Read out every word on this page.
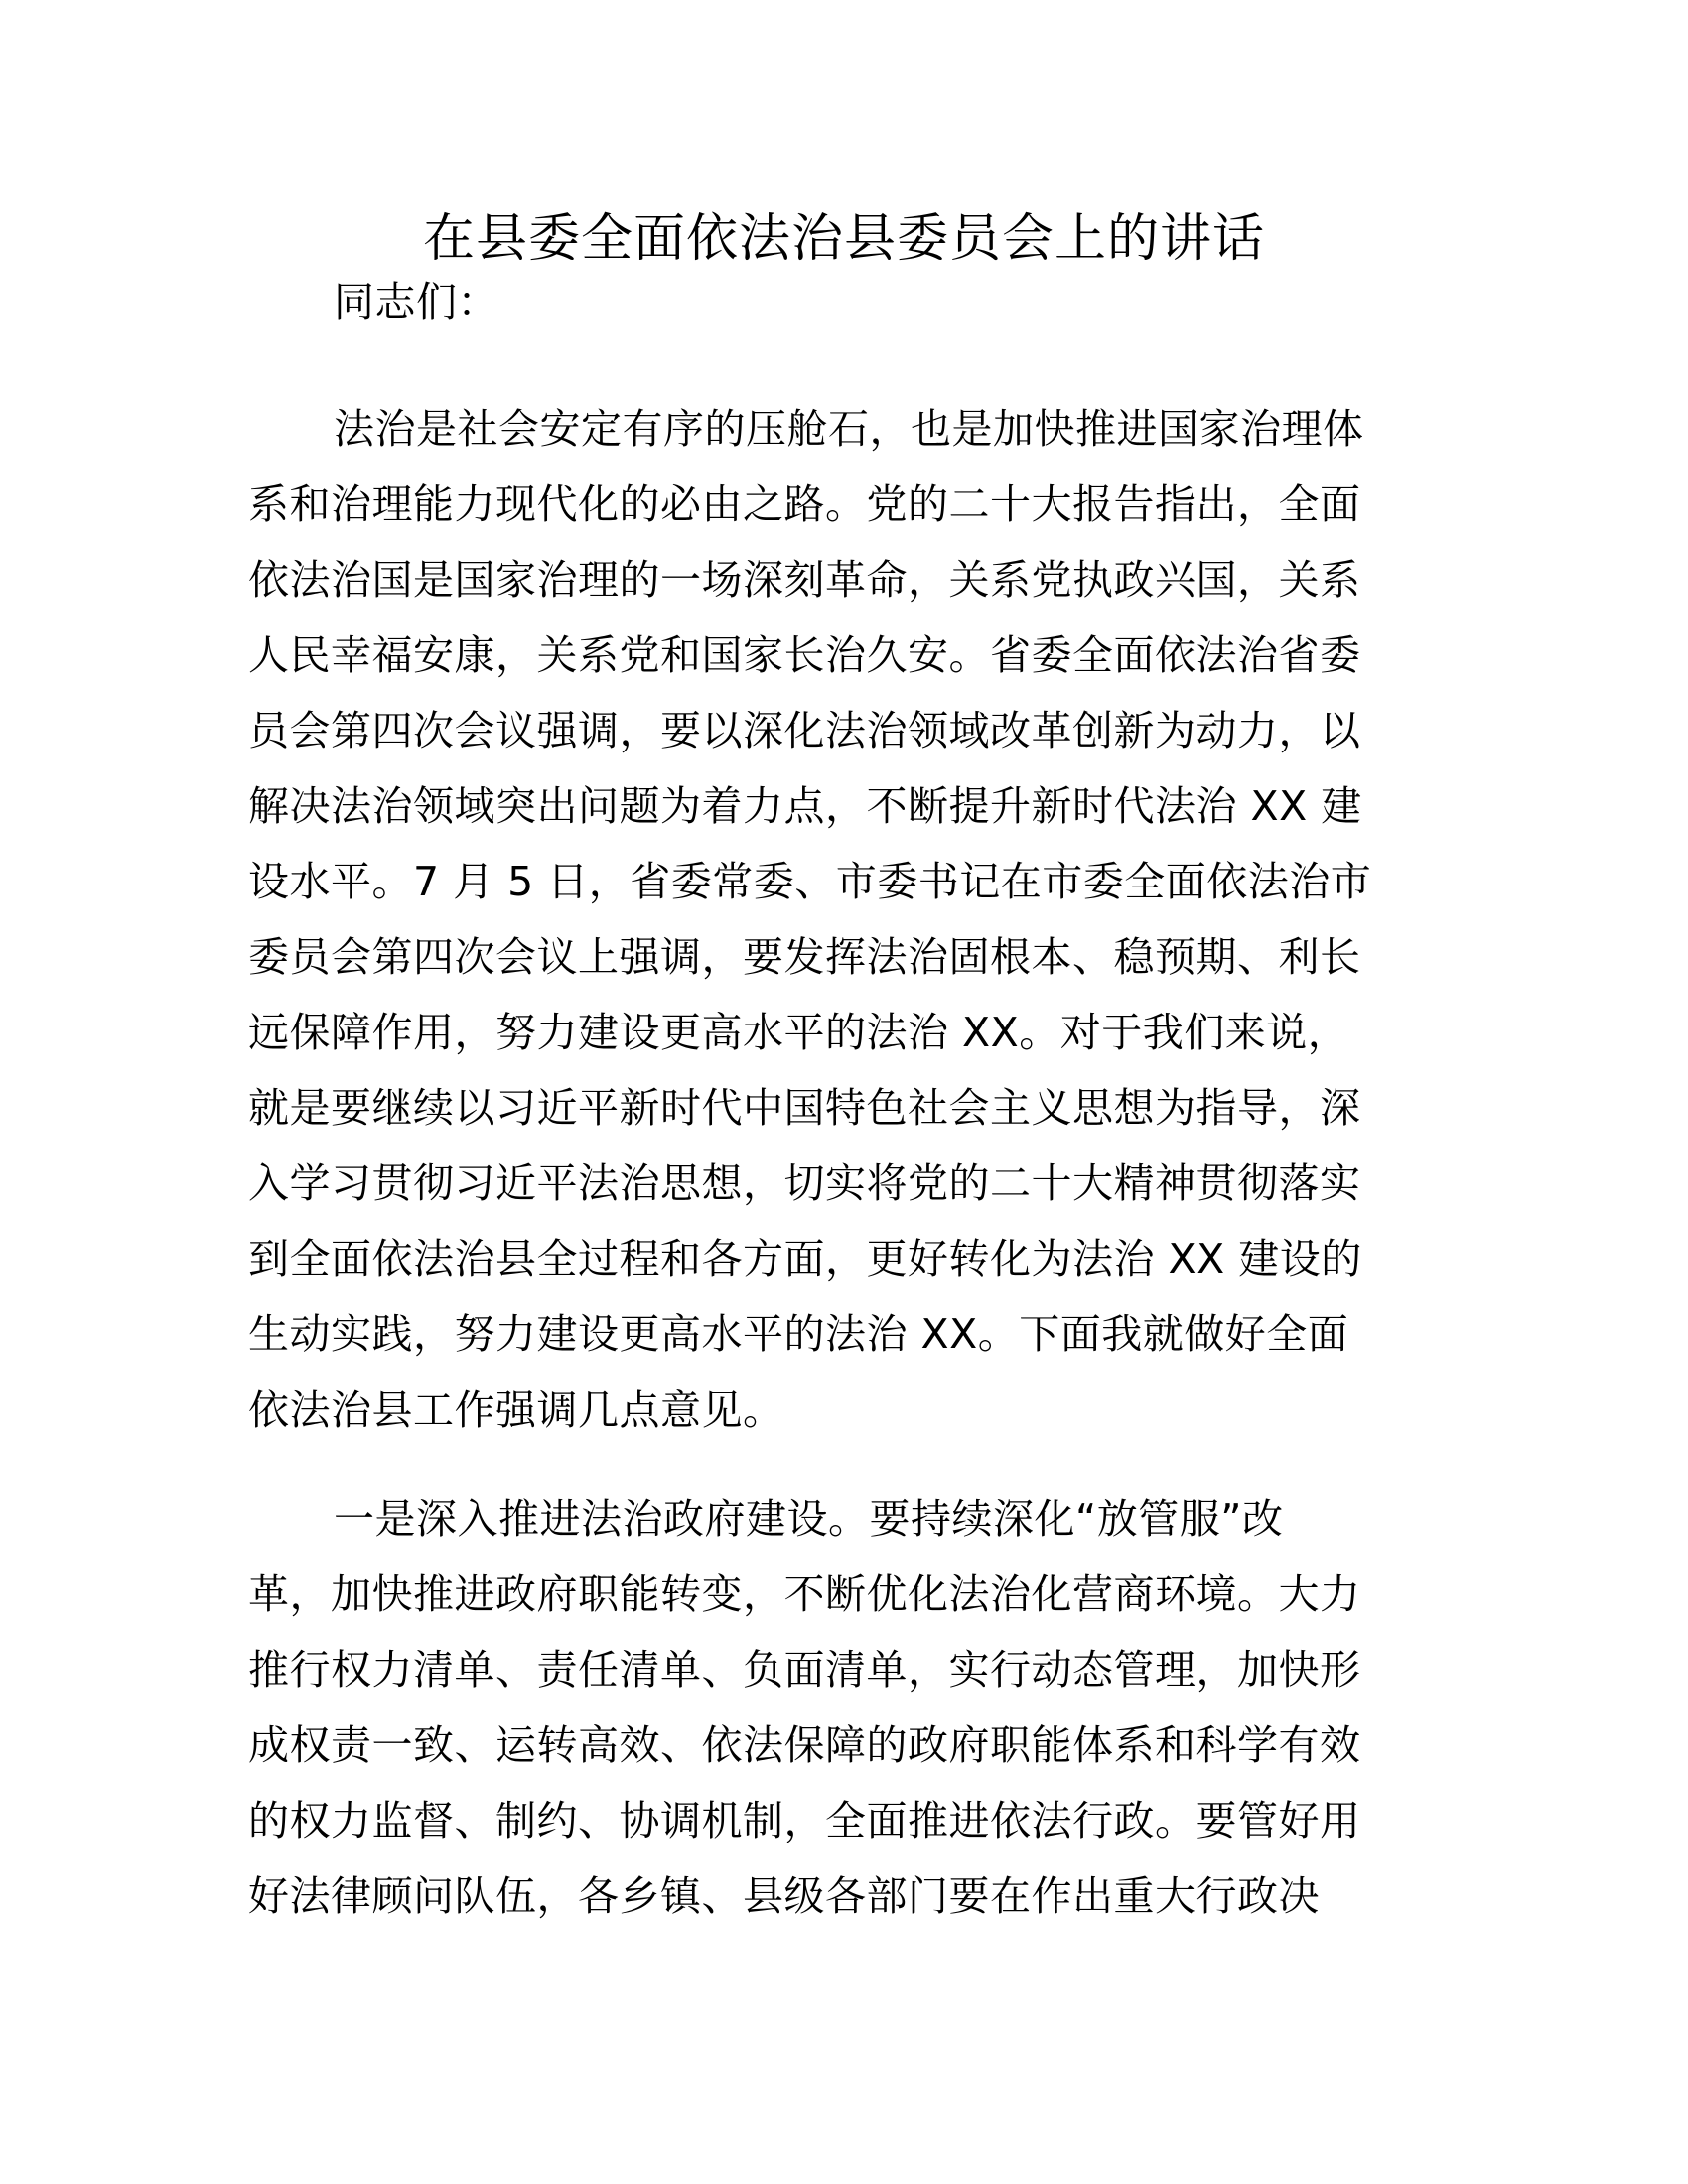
在县委全面依法治县委员会上的讲话
同志们：
法治是社会安定有序的压舱石，也是加快推进国家治理体
系和治理能力现代化的必由之路。党的二十大报告指出，全面
依法治国是国家治理的一场深刻革命，关系党执政兴国，关系
人民幸福安康，关系党和国家长治久安。省委全面依法治省委
员会第四次会议强调，要以深化法治领域改革创新为动力，以
解决法治领域突出问题为着力点，不断提升新时代法治 XX 建
设水平。7 月 5 日，省委常委、市委书记在市委全面依法治市
委员会第四次会议上强调，要发挥法治固根本、稳预期、利长
远保障作用，努力建设更高水平的法治 XX。对于我们来说，
就是要继续以习近平新时代中国特色社会主义思想为指导，深
入学习贯彻习近平法治思想，切实将党的二十大精神贯彻落实
到全面依法治县全过程和各方面，更好转化为法治 XX 建设的
生动实践，努力建设更高水平的法治 XX。下面我就做好全面
依法治县工作强调几点意见。
一是深入推进法治政府建设。要持续深化“放管服”改
革，加快推进政府职能转变，不断优化法治化营商环境。大力
推行权力清单、责任清单、负面清单，实行动态管理，加快形
成权责一致、运转高效、依法保障的政府职能体系和科学有效
的权力监督、制约、协调机制，全面推进依法行政。要管好用
好法律顾问队伍，各乡镇、县级各部门要在作出重大行政决
